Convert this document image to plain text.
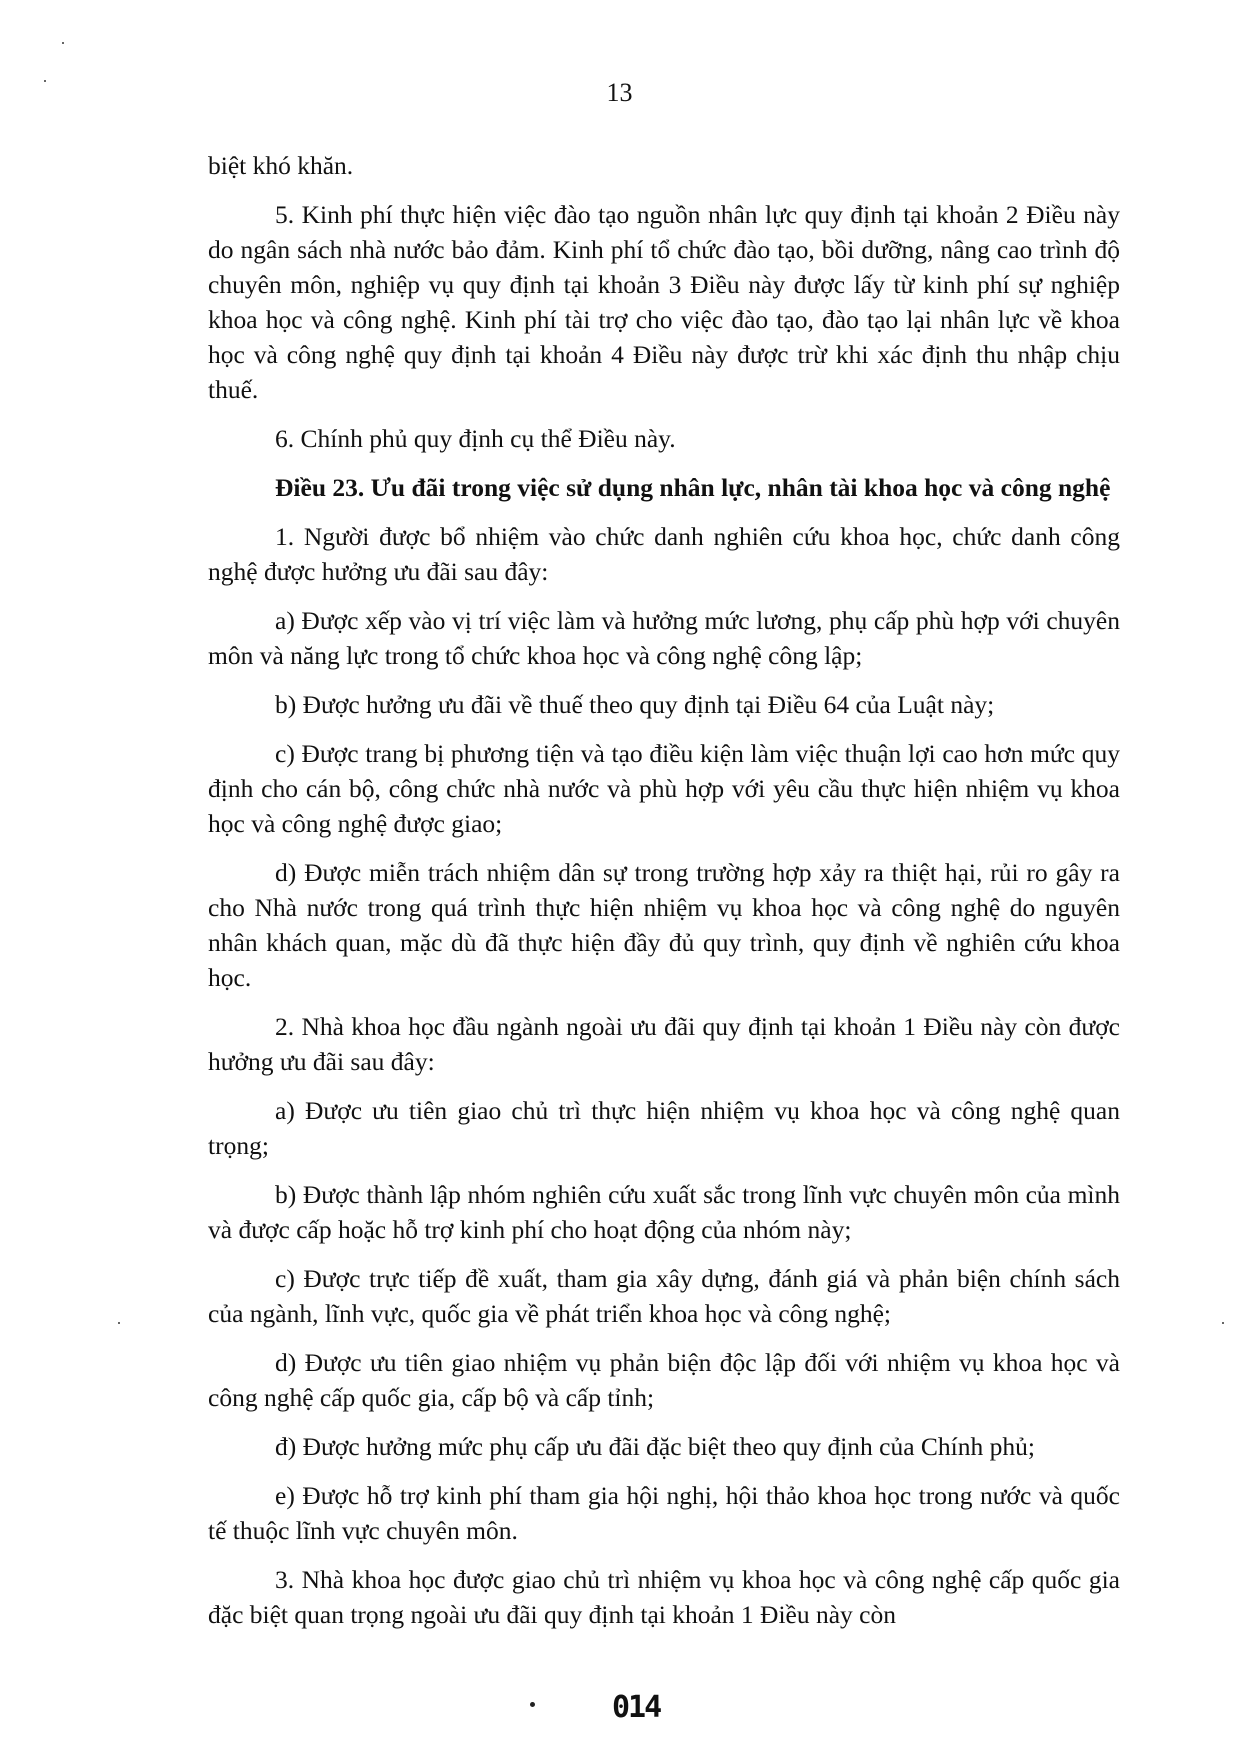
13

biệt khó khăn.

5. Kinh phí thực hiện việc đào tạo nguồn nhân lực quy định tại khoản 2 Điều này do ngân sách nhà nước bảo đảm. Kinh phí tổ chức đào tạo, bồi dưỡng, nâng cao trình độ chuyên môn, nghiệp vụ quy định tại khoản 3 Điều này được lấy từ kinh phí sự nghiệp khoa học và công nghệ. Kinh phí tài trợ cho việc đào tạo, đào tạo lại nhân lực về khoa học và công nghệ quy định tại khoản 4 Điều này được trừ khi xác định thu nhập chịu thuế.

6. Chính phủ quy định cụ thể Điều này.

Điều 23. Ưu đãi trong việc sử dụng nhân lực, nhân tài khoa học và công nghệ

1. Người được bổ nhiệm vào chức danh nghiên cứu khoa học, chức danh công nghệ được hưởng ưu đãi sau đây:

a) Được xếp vào vị trí việc làm và hưởng mức lương, phụ cấp phù hợp với chuyên môn và năng lực trong tổ chức khoa học và công nghệ công lập;

b) Được hưởng ưu đãi về thuế theo quy định tại Điều 64 của Luật này;

c) Được trang bị phương tiện và tạo điều kiện làm việc thuận lợi cao hơn mức quy định cho cán bộ, công chức nhà nước và phù hợp với yêu cầu thực hiện nhiệm vụ khoa học và công nghệ được giao;

d) Được miễn trách nhiệm dân sự trong trường hợp xảy ra thiệt hại, rủi ro gây ra cho Nhà nước trong quá trình thực hiện nhiệm vụ khoa học và công nghệ do nguyên nhân khách quan, mặc dù đã thực hiện đầy đủ quy trình, quy định về nghiên cứu khoa học.

2. Nhà khoa học đầu ngành ngoài ưu đãi quy định tại khoản 1 Điều này còn được hưởng ưu đãi sau đây:

a) Được ưu tiên giao chủ trì thực hiện nhiệm vụ khoa học và công nghệ quan trọng;

b) Được thành lập nhóm nghiên cứu xuất sắc trong lĩnh vực chuyên môn của mình và được cấp hoặc hỗ trợ kinh phí cho hoạt động của nhóm này;

c) Được trực tiếp đề xuất, tham gia xây dựng, đánh giá và phản biện chính sách của ngành, lĩnh vực, quốc gia về phát triển khoa học và công nghệ;

d) Được ưu tiên giao nhiệm vụ phản biện độc lập đối với nhiệm vụ khoa học và công nghệ cấp quốc gia, cấp bộ và cấp tỉnh;

đ) Được hưởng mức phụ cấp ưu đãi đặc biệt theo quy định của Chính phủ;

e) Được hỗ trợ kinh phí tham gia hội nghị, hội thảo khoa học trong nước và quốc tế thuộc lĩnh vực chuyên môn.

3. Nhà khoa học được giao chủ trì nhiệm vụ khoa học và công nghệ cấp quốc gia đặc biệt quan trọng ngoài ưu đãi quy định tại khoản 1 Điều này còn

014
